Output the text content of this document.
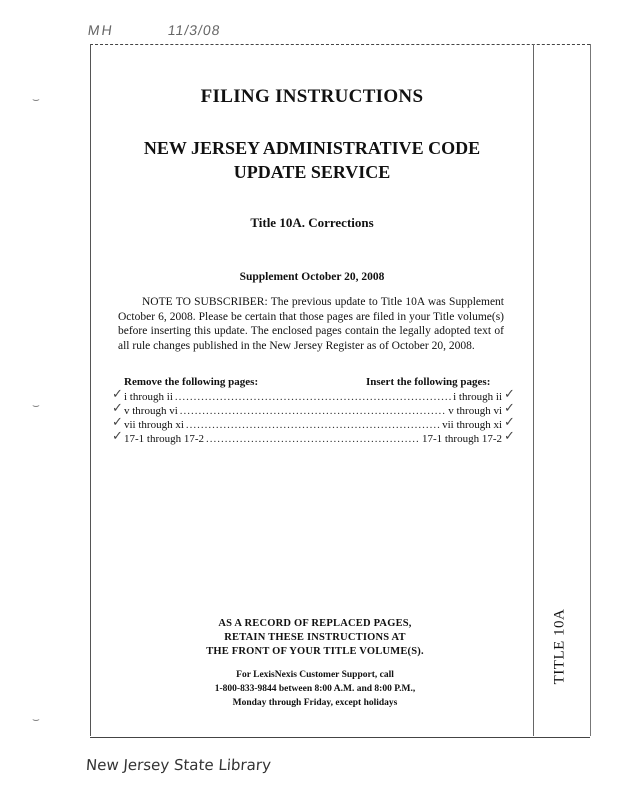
MH	11/3/08
⌣
⌣
⌣
FILING INSTRUCTIONS
NEW JERSEY ADMINISTRATIVE CODE
UPDATE SERVICE
Title 10A. Corrections
Supplement October 20, 2008
NOTE TO SUBSCRIBER: The previous update to Title 10A was Supplement October 6, 2008. Please be certain that those pages are filed in your Title volume(s) before inserting this update. The enclosed pages contain the legally adopted text of all rule changes published in the New Jersey Register as of October 20, 2008.
Remove the following pages:	Insert the following pages:
i through ii .....	i through ii
v through vi .....	v through vi
vii through xi .....	vii through xi
17-1 through 17-2 .....	17-1 through 17-2
✓
✓
✓
✓
✓
✓
✓
✓
AS A RECORD OF REPLACED PAGES,
RETAIN THESE INSTRUCTIONS AT
THE FRONT OF YOUR TITLE VOLUME(S).
For LexisNexis Customer Support, call
1-800-833-9844 between 8:00 A.M. and 8:00 P.M.,
Monday through Friday, except holidays
TITLE 10A
New Jersey State Library
